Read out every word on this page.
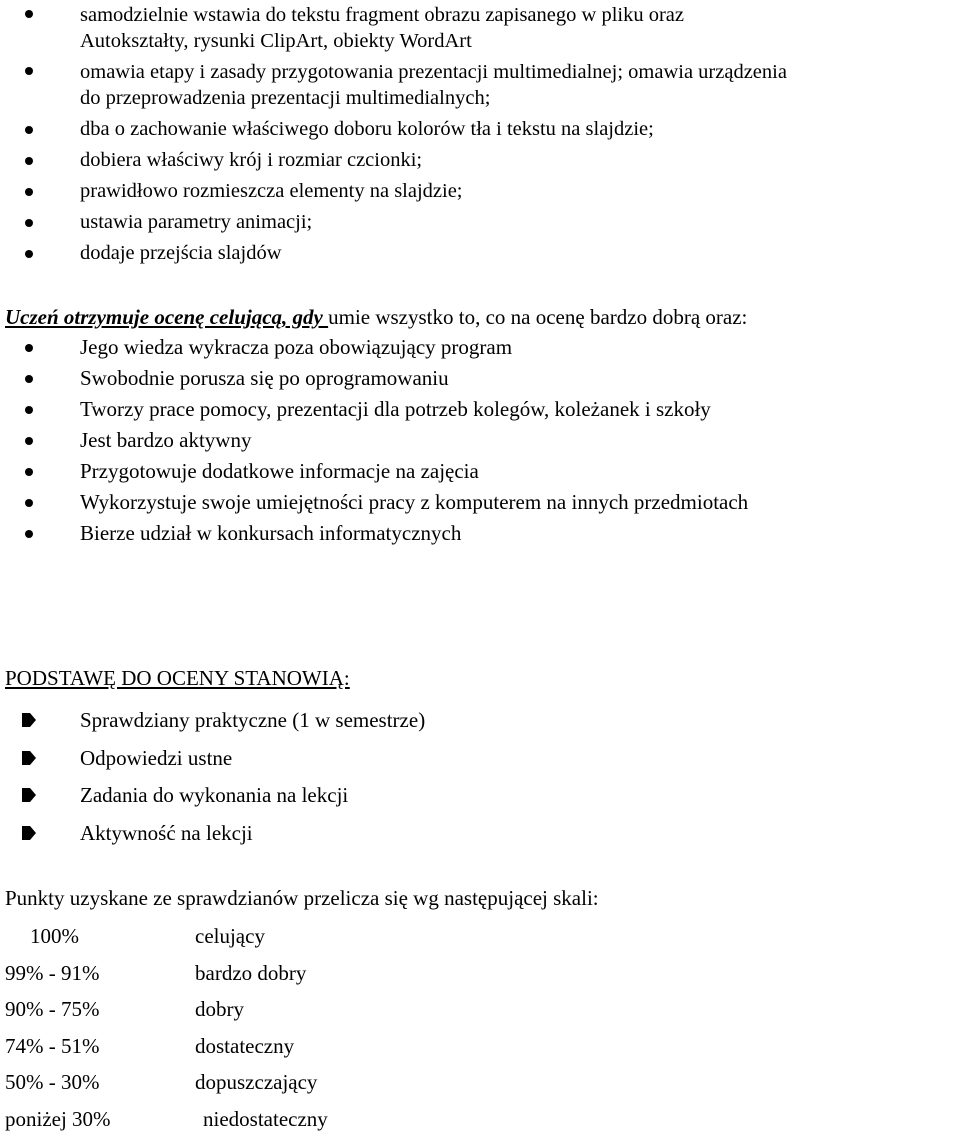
samodzielnie wstawia do tekstu fragment obrazu zapisanego w pliku oraz
Autokształty, rysunki ClipArt, obiekty WordArt
omawia etapy i zasady przygotowania prezentacji multimedialnej; omawia urządzenia
do przeprowadzenia prezentacji multimedialnych;
dba o zachowanie właściwego doboru kolorów tła i tekstu na slajdzie;
dobiera właściwy krój i rozmiar czcionki;
prawidłowo rozmieszcza elementy na slajdzie;
ustawia parametry animacji;
dodaje przejścia slajdów
Uczeń otrzymuje ocenę celującą, gdy umie wszystko to, co na ocenę bardzo dobrą oraz:
Jego wiedza wykracza poza obowiązujący program
Swobodnie porusza się po oprogramowaniu
Tworzy prace pomocy, prezentacji dla potrzeb kolegów, koleżanek i szkoły
Jest bardzo aktywny
Przygotowuje dodatkowe informacje na zajęcia
Wykorzystuje swoje umiejętności pracy z komputerem na innych przedmiotach
Bierze udział w konkursach informatycznych
PODSTAWĘ DO OCENY STANOWIĄ:
Sprawdziany praktyczne (1 w semestrze)
Odpowiedzi ustne
Zadania do wykonania na lekcji
Aktywność na lekcji
Punkty uzyskane ze sprawdzianów przelicza się wg następującej skali:
100%	celujący
99% - 91%	bardzo dobry
90% - 75%	dobry
74% - 51%	dostateczny
50% - 30%	dopuszczający
poniżej 30%	niedostateczny
